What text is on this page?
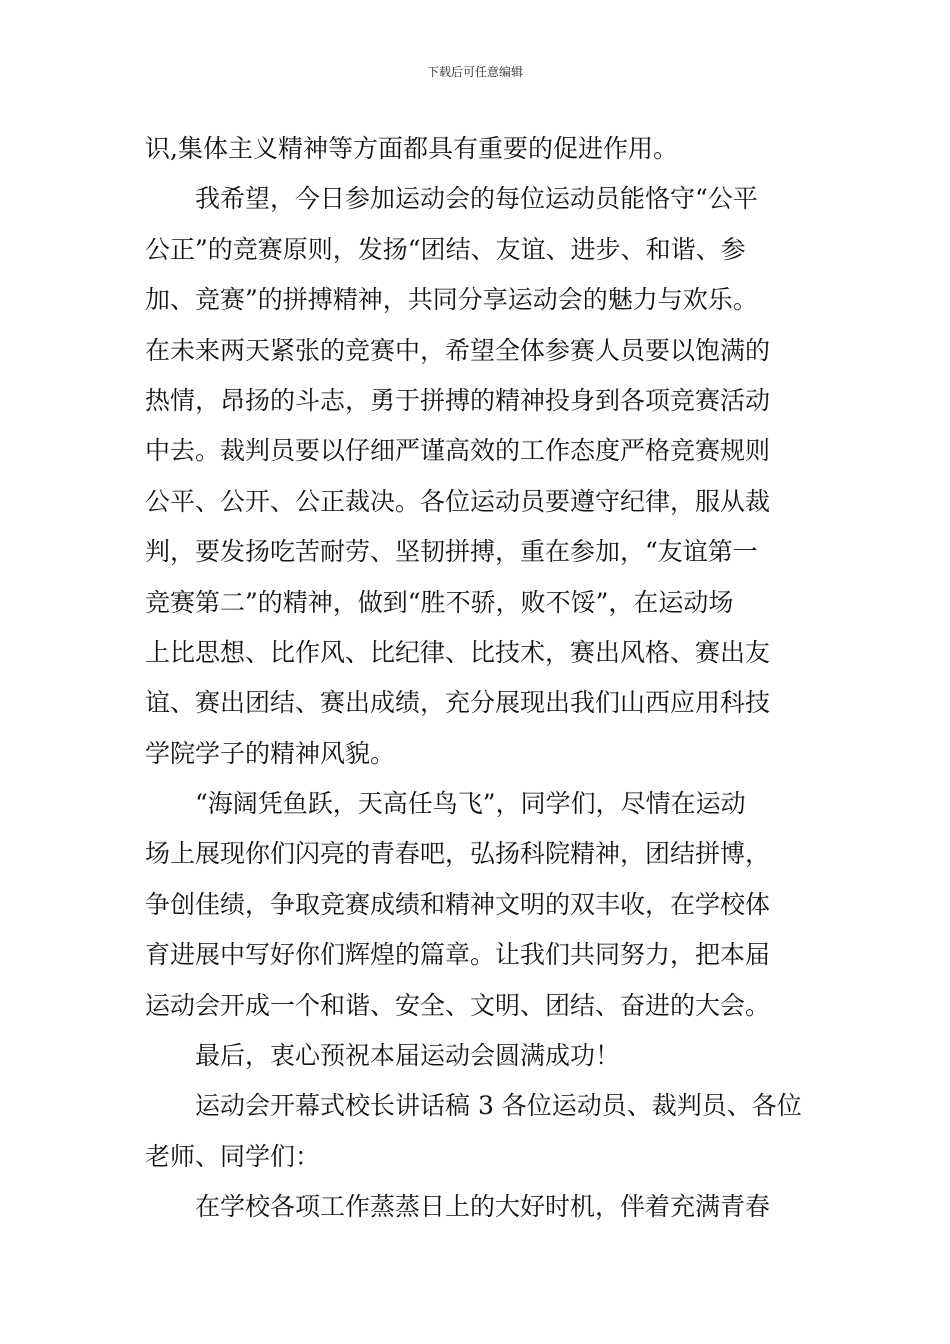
下载后可任意编辑
识,集体主义精神等方面都具有重要的促进作用。
我希望，今日参加运动会的每位运动员能恪守“公平
公正”的竞赛原则，发扬“团结、友谊、进步、和谐、参
加、竞赛”的拼搏精神，共同分享运动会的魅力与欢乐。
在未来两天紧张的竞赛中，希望全体参赛人员要以饱满的
热情，昂扬的斗志，勇于拼搏的精神投身到各项竞赛活动
中去。裁判员要以仔细严谨高效的工作态度严格竞赛规则
公平、公开、公正裁决。各位运动员要遵守纪律，服从裁
判，要发扬吃苦耐劳、坚韧拼搏，重在参加，“友谊第一
竞赛第二”的精神，做到“胜不骄，败不馁”，在运动场
上比思想、比作风、比纪律、比技术，赛出风格、赛出友
谊、赛出团结、赛出成绩，充分展现出我们山西应用科技
学院学子的精神风貌。
“海阔凭鱼跃，天高任鸟飞”，同学们，尽情在运动
场上展现你们闪亮的青春吧，弘扬科院精神，团结拼博，
争创佳绩，争取竞赛成绩和精神文明的双丰收，在学校体
育进展中写好你们辉煌的篇章。让我们共同努力，把本届
运动会开成一个和谐、安全、文明、团结、奋进的大会。
最后，衷心预祝本届运动会圆满成功！
运动会开幕式校长讲话稿 3 各位运动员、裁判员、各位
老师、同学们：
在学校各项工作蒸蒸日上的大好时机，伴着充满青春
